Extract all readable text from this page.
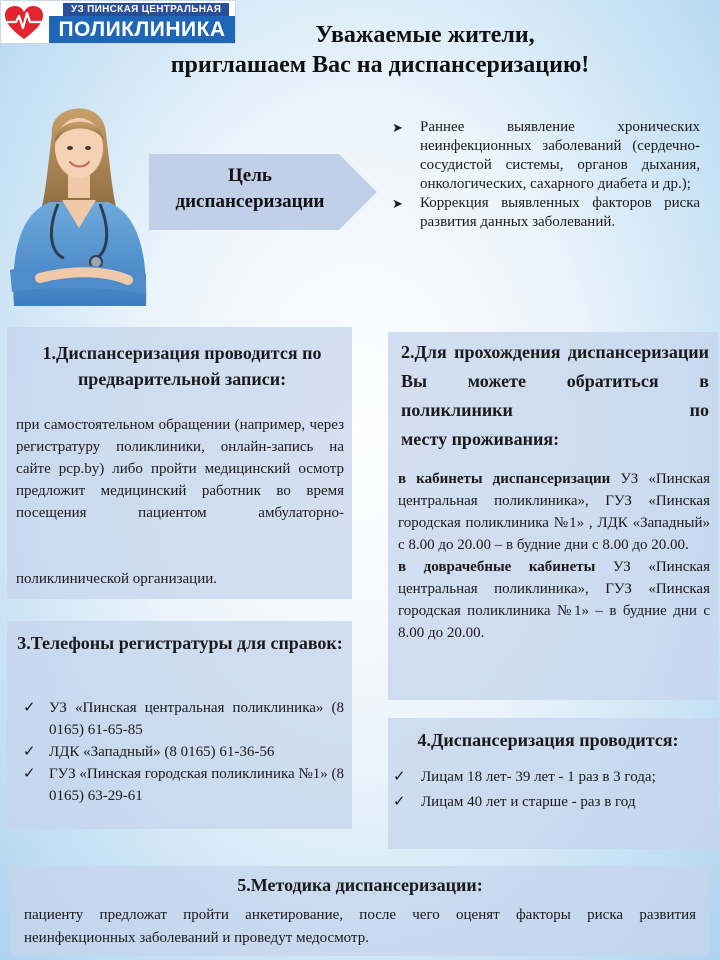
УЗ ПИНСКАЯ ЦЕНТРАЛЬНАЯ
ПОЛИКЛИНИКА	Уважаемые жители,
приглашаем Вас на диспансеризацию!
Цель
диспансеризации
➤ Раннее выявление хронических неинфекционных заболеваний (сердечно-сосудистой системы, органов дыхания, онкологических, сахарного диабета и др.);
➤ Коррекция выявленных факторов риска развития данных заболеваний.
1.Диспансеризация проводится по предварительной записи:
при самостоятельном обращении (например, через регистратуру поликлиники, онлайн-запись на сайте pcp.by) либо пройти медицинский осмотр предложит медицинский работник во время посещения пациентом амбулаторно-
поликлинической организации.
2.Для прохождения диспансеризации Вы можете обратиться в поликлиники по
месту проживания:

в кабинеты диспансеризации УЗ «Пинская центральная поликлиника», ГУЗ «Пинская городская поликлиника №1» , ЛДК «Западный» с 8.00 до 20.00 – в будние дни с 8.00 до 20.00.

в доврачебные кабинеты УЗ «Пинская центральная поликлиника», ГУЗ «Пинская городская поликлиника №1» – в будние дни с 8.00 до 20.00.

3.Телефоны регистратуры для справок:
✓ УЗ «Пинская центральная поликлиника» (8 0165) 61-65-85
✓ ЛДК «Западный» (8 0165) 61-36-56
✓ ГУЗ «Пинская городская поликлиника №1» (8 0165) 63-29-61
4.Диспансеризация проводится:
✓ Лицам 18 лет- 39 лет - 1 раз в 3 года;
✓ Лицам 40 лет и старше - раз в год
5.Методика диспансеризации:
пациенту предложат пройти анкетирование, после чего оценят факторы риска развития неинфекционных заболеваний и проведут медосмотр.
